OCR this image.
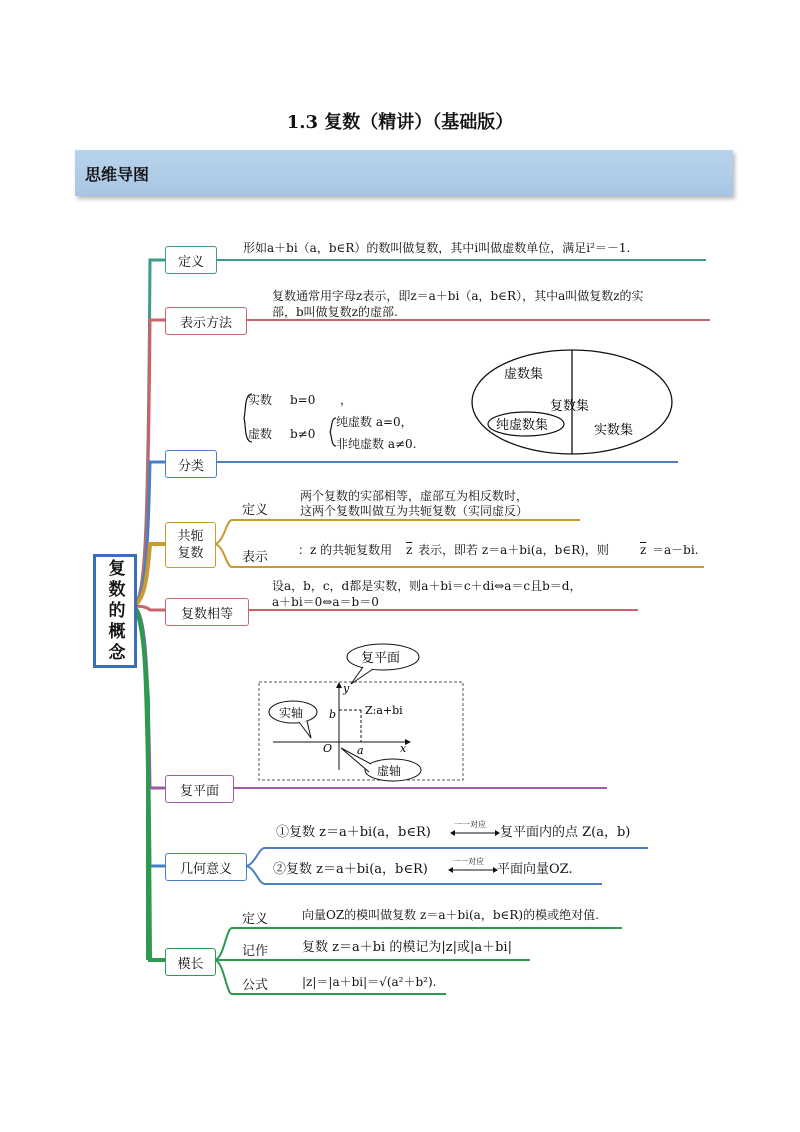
1.3 复数（精讲）（基础版）
思维导图
复数的概念
定义
形如a＋bi（a，b∈R）的数叫做复数，其中i叫做虚数单位，满足i²＝－1.
表示方法
复数通常用字母z表示，即z＝a＋bi（a，b∈R），其中a叫做复数z的实
部，b叫做复数z的虚部.
分类
实数 b=0 ，
虚数 b≠0
纯虚数 a=0，
非纯虚数 a≠0.
虚数集
复数集
纯虚数集	实数集
共轭
复数
定义
两个复数的实部相等，虚部互为相反数时，
这两个复数叫做互为共轭复数（实同虚反）
表示 ：z 的共轭复数用 $\overline{z}$ 表示，即若 z＝a＋bi(a，b∈R)，则	$\overline{z} =a-bi$.
复数相等
设a，b，c，d都是实数，则a＋bi＝c＋di⇔a＝c且b＝d，
a＋bi＝0⇔a＝b＝0
复平面
y
x
O
b
a
Z:a+bi
复平面
实轴
虚轴
几何意义
①复数 z＝a＋bi(a，b∈R)
一一对应
复平面内的点 Z(a，b)
②复数 z＝a＋bi(a，b∈R)
一一对应
平面向量OZ.
模长
定义	向量OZ的模叫做复数 z＝a＋bi(a，b∈R)的模或绝对值.
记作	复数 z＝a＋bi 的模记为|z|或|a＋bi|
公式	|z|＝|a＋bi|＝√(a²＋b²).
